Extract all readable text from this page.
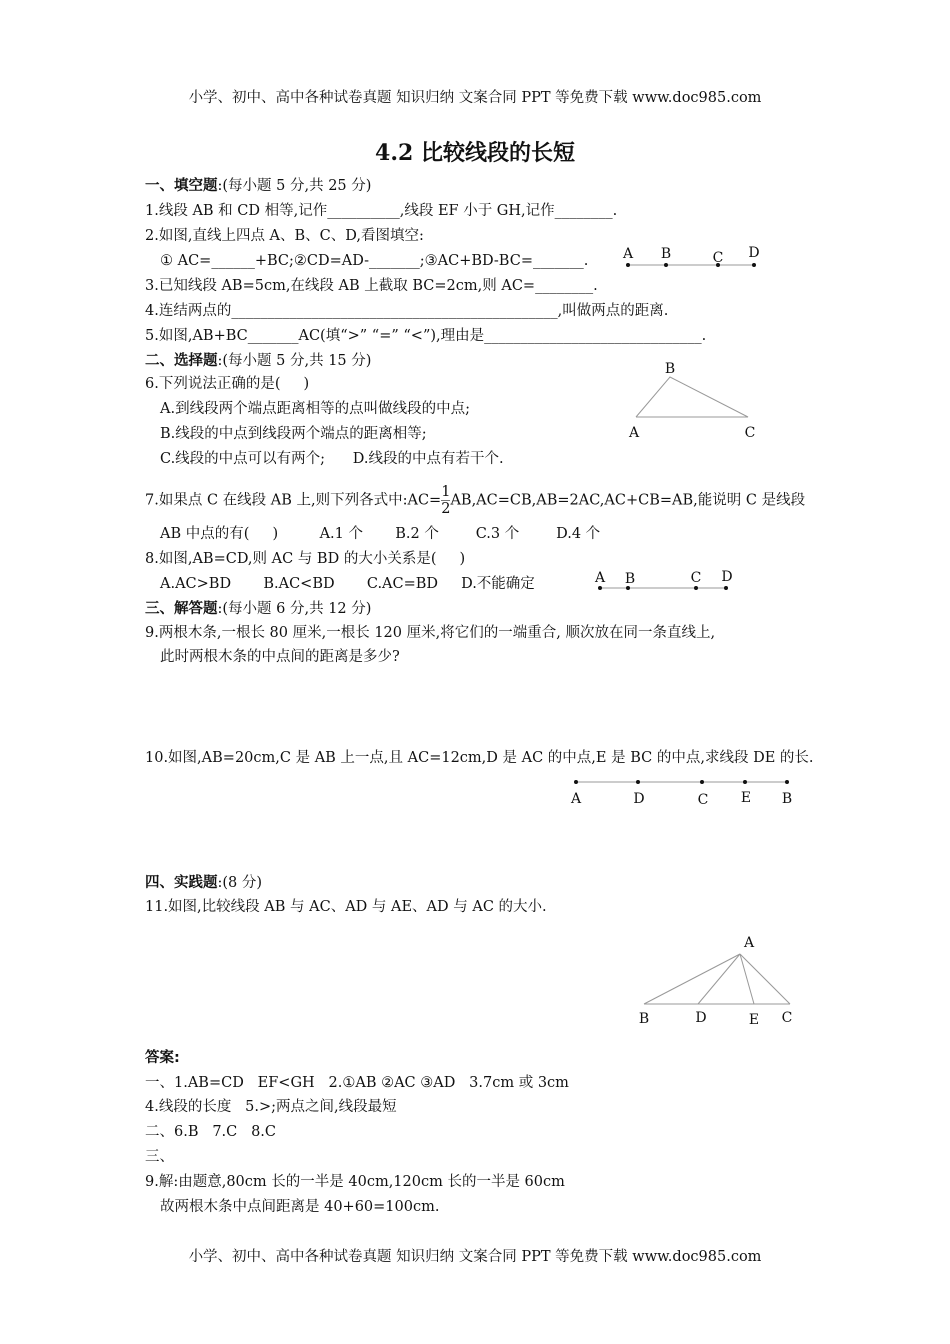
小学、初中、高中各种试卷真题 知识归纳 文案合同 PPT 等免费下载 www.doc985.com
4.2 比较线段的长短
一、填空题:(每小题 5 分,共 25 分)
1.线段 AB 和 CD 相等,记作__________,线段 EF 小于 GH,记作________.
2.如图,直线上四点 A、B、C、D,看图填空:
① AC=______+BC;②CD=AD-_______;③AC+BD-BC=_______.
3.已知线段 AB=5cm,在线段 AB 上截取 BC=2cm,则 AC=________.
4.连结两点的_____________________________________________,叫做两点的距离.
5.如图,AB+BC_______AC(填“>” “=” “<”),理由是______________________________.
A B	C D
二、选择题:(每小题 5 分,共 15 分)	B
A	C
6.下列说法正确的是(     )
A.到线段两个端点距离相等的点叫做线段的中点;
B.线段的中点到线段两个端点的距离相等;
C.线段的中点可以有两个;      D.线段的中点有若干个.
7.如果点 C 在线段 AB 上,则下列各式中:AC= $\frac{1}{2} AB,AC=CB,AB=2AC,AC+CB=AB$,能说明 C 是线段
AB 中点的有(     )         A.1 个       B.2 个        C.3 个        D.4 个
8.如图,AB=CD,则 AC 与 BD 的大小关系是(     )
A.AC>BD       B.AC<BD       C.AC=BD     D.不能确定	A B	C D
三、解答题:(每小题 6 分,共 12 分)
9.两根木条,一根长 80 厘米,一根长 120 厘米,将它们的一端重合, 顺次放在同一条直线上,
此时两根木条的中点间的距离是多少?
10.如图,AB=20cm,C 是 AB 上一点,且 AC=12cm,D 是 AC 的中点,E 是 BC 的中点,求线段 DE 的长.
A	D	C E B
四、实践题:(8 分)
11.如图,比较线段 AB 与 AC、AD 与 AE、AD 与 AC 的大小.
A
B	D	E C
答案:
一、1.AB=CD   EF<GH   2.①AB ②AC ③AD   3.7cm 或 3cm
4.线段的长度   5.>;两点之间,线段最短
二、6.B   7.C   8.C
三、
9.解:由题意,80cm 长的一半是 40cm,120cm 长的一半是 60cm
故两根木条中点间距离是 40+60=100cm.
小学、初中、高中各种试卷真题 知识归纳 文案合同 PPT 等免费下载 www.doc985.com
